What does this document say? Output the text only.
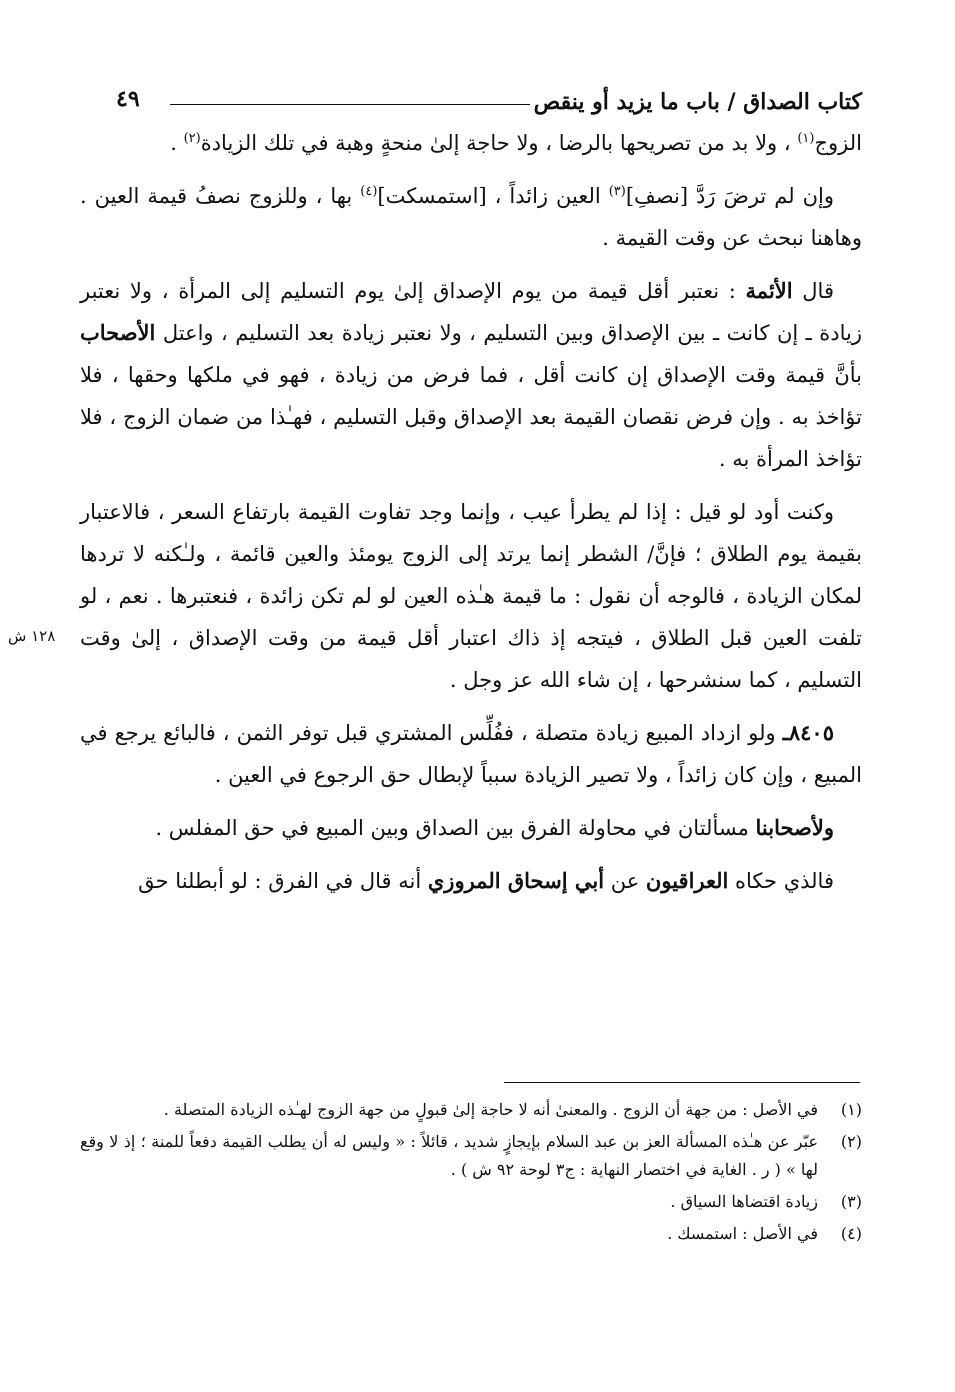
كتاب الصداق / باب ما يزيد أو ينقص
٤٩

الزوج$^{(١)}$ ، ولا بد من تصريحها بالرضا ، ولا حاجة إلىٰ منحةٍ وهبة في تلك الزيادة$^{(٢)}$ .

وإن لم ترضَ رَدَّ [نصفِ]$^{(٣)}$ العين زائداً ، [استمسكت]$^{(٤)}$ بها ، وللزوج نصفُ قيمة العين . وهاهنا نبحث عن وقت القيمة .

قال الأئمة : نعتبر أقل قيمة من يوم الإصداق إلىٰ يوم التسليم إلى المرأة ، ولا نعتبر زيادة ـ إن كانت ـ بين الإصداق وبين التسليم ، ولا نعتبر زيادة بعد التسليم ، واعتل الأصحاب بأنَّ قيمة وقت الإصداق إن كانت أقل ، فما فرض من زيادة ، فهو في ملكها وحقها ، فلا تؤاخذ به . وإن فرض نقصان القيمة بعد الإصداق وقبل التسليم ، فهـٰذا من ضمان الزوج ، فلا تؤاخذ المرأة به .

وكنت أود لو قيل : إذا لم يطرأ عيب ، وإنما وجد تفاوت القيمة بارتفاع السعر ، فالاعتبار بقيمة يوم الطلاق ؛ فإنَّ/ الشطر إنما يرتد إلى الزوج يومئذ والعين قائمة ، ولـٰكنه لا تردها لمكان الزيادة ، فالوجه أن نقول : ما قيمة هـٰذه العين لو لم تكن زائدة ، فنعتبرها . نعم ، لو تلفت العين قبل الطلاق ، فيتجه إذ ذاك اعتبار أقل قيمة من وقت الإصداق ، إلىٰ وقت التسليم ، كما سنشرحها ، إن شاء الله عز وجل .

٨٤٠٥ـ ولو ازداد المبيع زيادة متصلة ، ففُلِّس المشتري قبل توفر الثمن ، فالبائع يرجع في المبيع ، وإن كان زائداً ، ولا تصير الزيادة سبباً لإبطال حق الرجوع في العين .

ولأصحابنا مسألتان في محاولة الفرق بين الصداق وبين المبيع في حق المفلس .

فالذي حكاه العراقيون عن أبي إسحاق المروزي أنه قال في الفرق : لو أبطلنا حق

١٢٨ ش
(١)
في الأصل : من جهة أن الزوج . والمعنىٰ أنه لا حاجة إلىٰ قبولٍ من جهة الزوج لهـٰذه الزيادة المتصلة .
(٢)
عبّر عن هـٰذه المسألة العز بن عبد السلام بإيجازٍ شديد ، قائلاً : « وليس له أن يطلب القيمة دفعاً للمنة ؛ إذ لا وقع لها » ( ر . الغاية في اختصار النهاية : ج٣ لوحة ٩٢ ش ) .
(٣)
زيادة اقتضاها السياق .
(٤)
في الأصل : استمسك .
